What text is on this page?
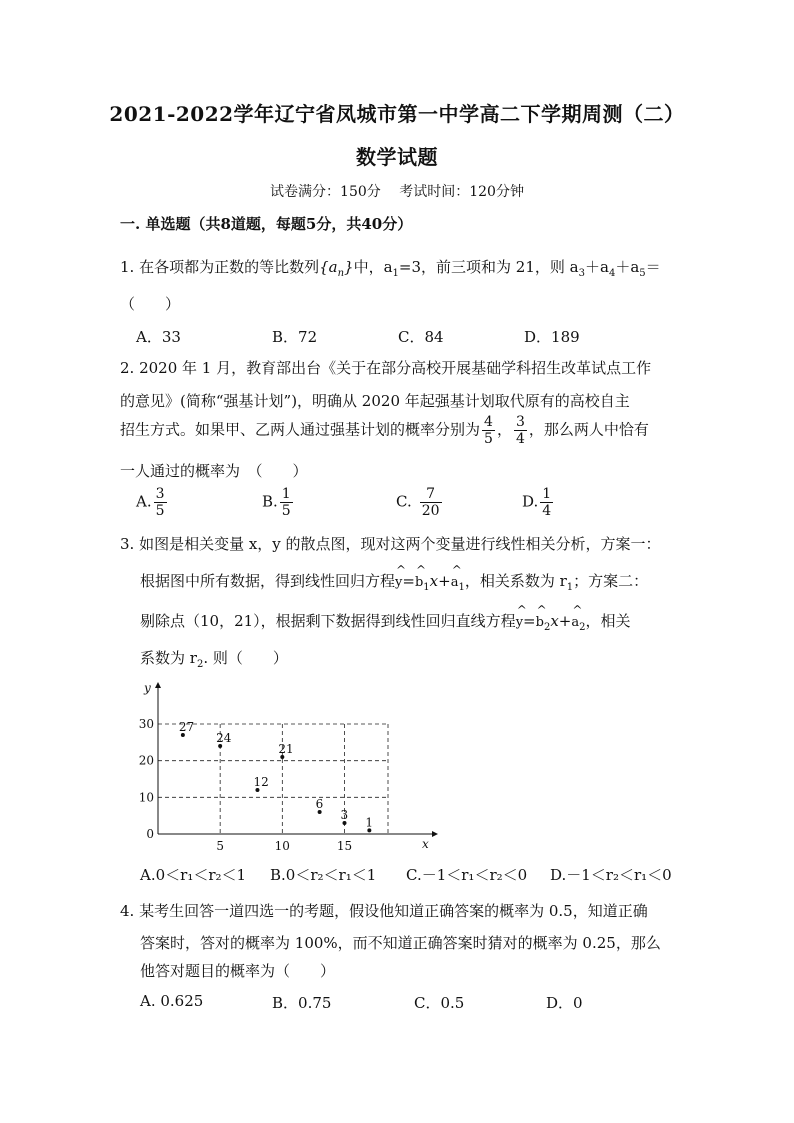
2021-2022学年辽宁省凤城市第一中学高二下学期周测（二）
数学试题
试卷满分：150分　 考试时间：120分钟
一. 单选题（共8道题，每题5分，共40分）
1. 在各项都为正数的等比数列$\{a_n\}$中，$a_1=3$，前三项和为 21，则 $a_3+a_4+a_5=$
（　　）
A．33	B．72	C．84	D．189
2. 2020 年 1 月，教育部出台《关于在部分高校开展基础学科招生改革试点工作
的意见》(简称“强基计划”)，明确从 2020 年起强基计划取代原有的高校自主
招生方式。如果甲、乙两人通过强基计划的概率分别为 $\frac{4}{5}$ ， $\frac{3}{4}$ ，那么两人中恰有
一人通过的概率为　（　　）
A. $\frac{3}{5}$	B. $\frac{1}{5}$	C. $\frac{7}{20}$	D. $\frac{1}{4}$
3. 如图是相关变量 x，y 的散点图，现对这两个变量进行线性相关分析，方案一：
根据图中所有数据，得到线性回归方程^ y=^ $b_1x+\^{}$ $a_1$，相关系数为 $r_1$；方案二：
剔除点（10，21），根据剩下数据得到线性回归直线方程^ y=^ $b_2x+\^{}$ $a_2$，相关
系数为 $r_2$. 则（　　）
x
y
5	10	15
0
10
20
30 27
24
21
12
6
3
1
A.0＜r₁＜r₂＜1 B.0＜r₂＜r₁＜1 C.－1＜r₁＜r₂＜0 D.－1＜r₂＜r₁＜0
4. 某考生回答一道四选一的考题，假设他知道正确答案的概率为 0.5，知道正确
答案时，答对的概率为 100%，而不知道正确答案时猜对的概率为 0.25，那么
他答对题目的概率为（　　）
A. 0.625	B．0.75	C．0.5	D．0
